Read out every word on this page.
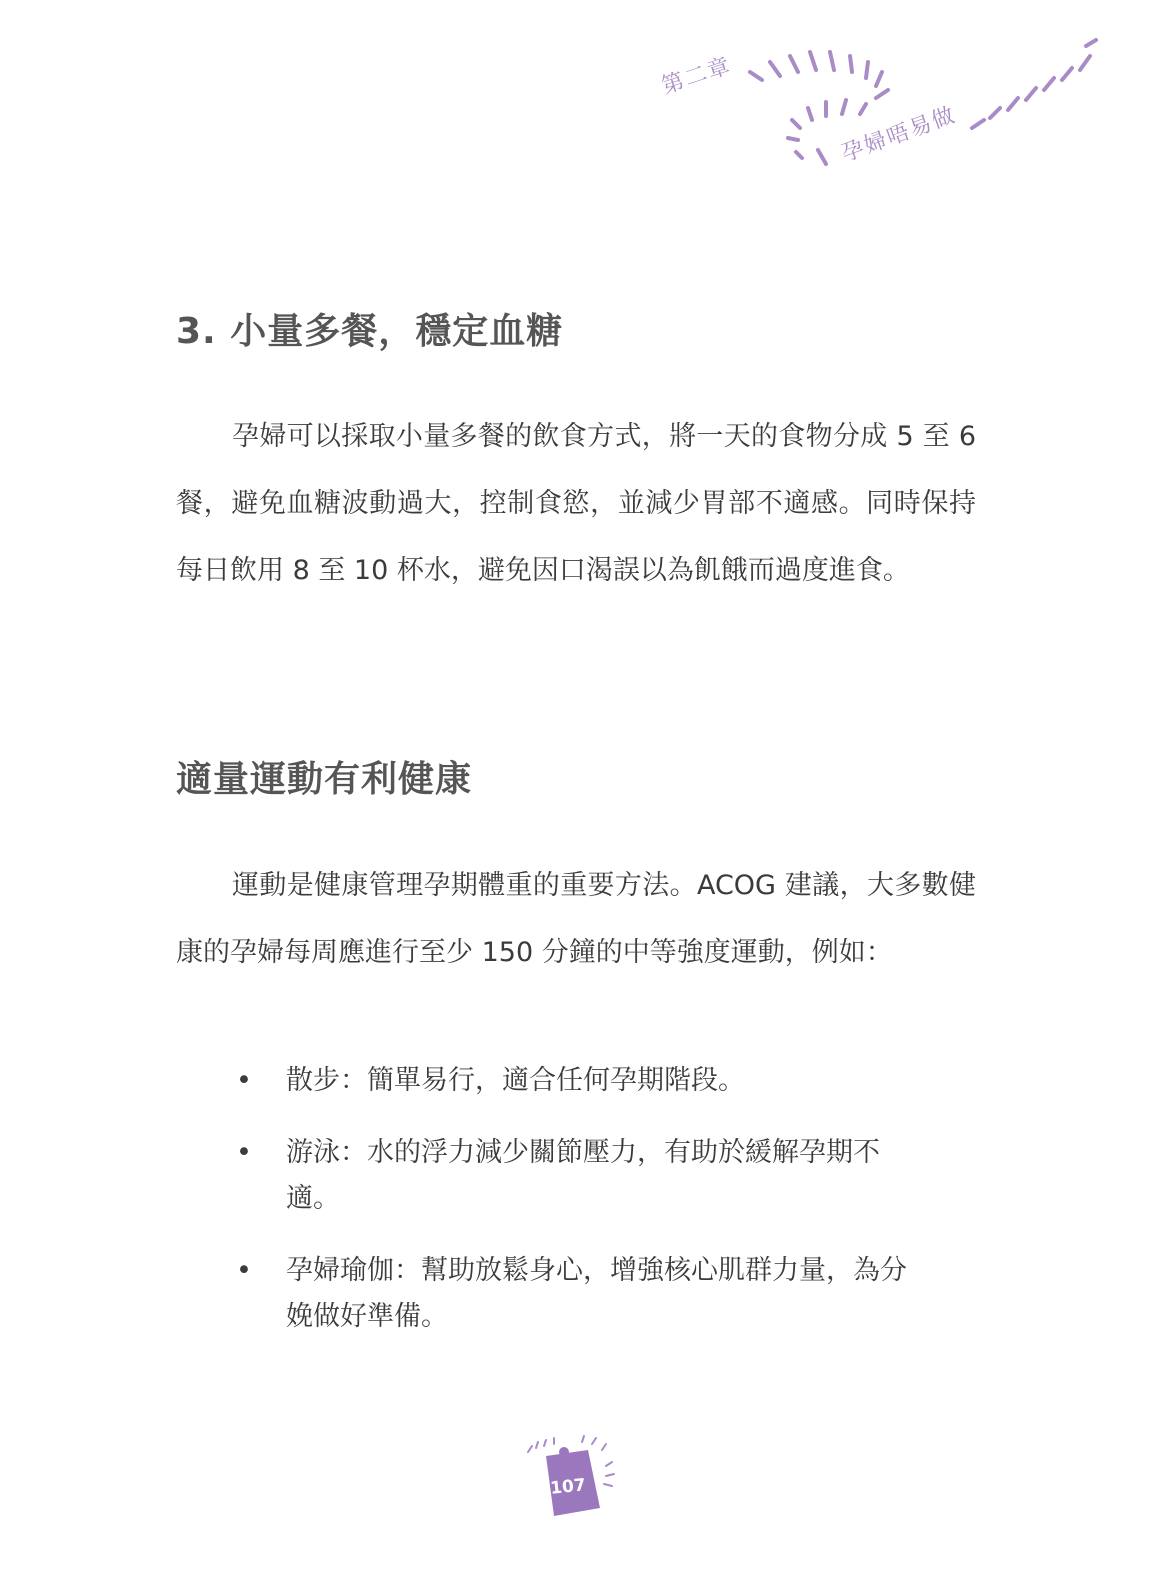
第二章
孕婦唔易做
3. 小量多餐，穩定血糖

孕婦可以採取小量多餐的飲食方式，將一天的食物分成 5 至 6 餐，避免血糖波動過大，控制食慾，並減少胃部不適感。同時保持每日飲用 8 至 10 杯水，避免因口渴誤以為飢餓而過度進食。

適量運動有利健康

運動是健康管理孕期體重的重要方法。ACOG 建議，大多數健康的孕婦每周應進行至少 150 分鐘的中等強度運動，例如：

• 散步：簡單易行，適合任何孕期階段。
• 游泳：水的浮力減少關節壓力，有助於緩解孕期不適。
• 孕婦瑜伽：幫助放鬆身心，增強核心肌群力量，為分娩做好準備。
107
